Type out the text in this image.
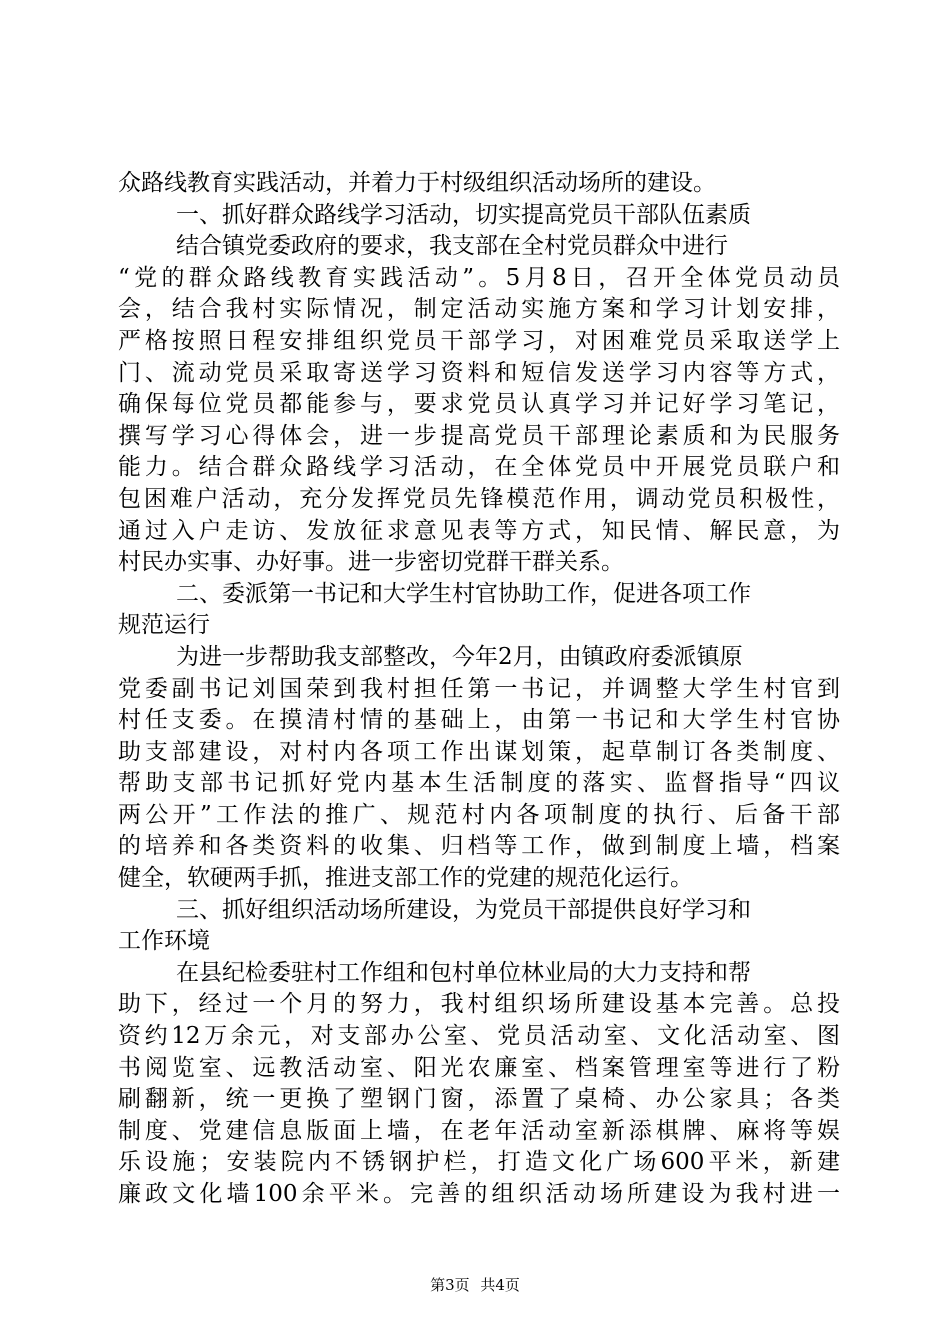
众路线教育实践活动，并着力于村级组织活动场所的建设。
一、抓好群众路线学习活动，切实提高党员干部队伍素质
结合镇党委政府的要求，我支部在全村党员群众中进行
“党的群众路线教育实践活动”。5月8日，召开全体党员动员
会，结合我村实际情况，制定活动实施方案和学习计划安排，
严格按照日程安排组织党员干部学习，对困难党员采取送学上
门、流动党员采取寄送学习资料和短信发送学习内容等方式，
确保每位党员都能参与，要求党员认真学习并记好学习笔记，
撰写学习心得体会，进一步提高党员干部理论素质和为民服务
能力。结合群众路线学习活动，在全体党员中开展党员联户和
包困难户活动，充分发挥党员先锋模范作用，调动党员积极性，
通过入户走访、发放征求意见表等方式，知民情、解民意，为
村民办实事、办好事。进一步密切党群干群关系。
二、委派第一书记和大学生村官协助工作，促进各项工作
规范运行
为进一步帮助我支部整改，今年2月，由镇政府委派镇原
党委副书记刘国荣到我村担任第一书记，并调整大学生村官到
村任支委。在摸清村情的基础上，由第一书记和大学生村官协
助支部建设，对村内各项工作出谋划策，起草制订各类制度、
帮助支部书记抓好党内基本生活制度的落实、监督指导“四议
两公开”工作法的推广、规范村内各项制度的执行、后备干部
的培养和各类资料的收集、归档等工作，做到制度上墙，档案
健全，软硬两手抓，推进支部工作的党建的规范化运行。
三、抓好组织活动场所建设，为党员干部提供良好学习和
工作环境
在县纪检委驻村工作组和包村单位林业局的大力支持和帮
助下，经过一个月的努力，我村组织场所建设基本完善。总投
资约12万余元，对支部办公室、党员活动室、文化活动室、图
书阅览室、远教活动室、阳光农廉室、档案管理室等进行了粉
刷翻新，统一更换了塑钢门窗，添置了桌椅、办公家具；各类
制度、党建信息版面上墙，在老年活动室新添棋牌、麻将等娱
乐设施；安装院内不锈钢护栏，打造文化广场600平米，新建
廉政文化墙100余平米。完善的组织活动场所建设为我村进一
第3页 共4页
